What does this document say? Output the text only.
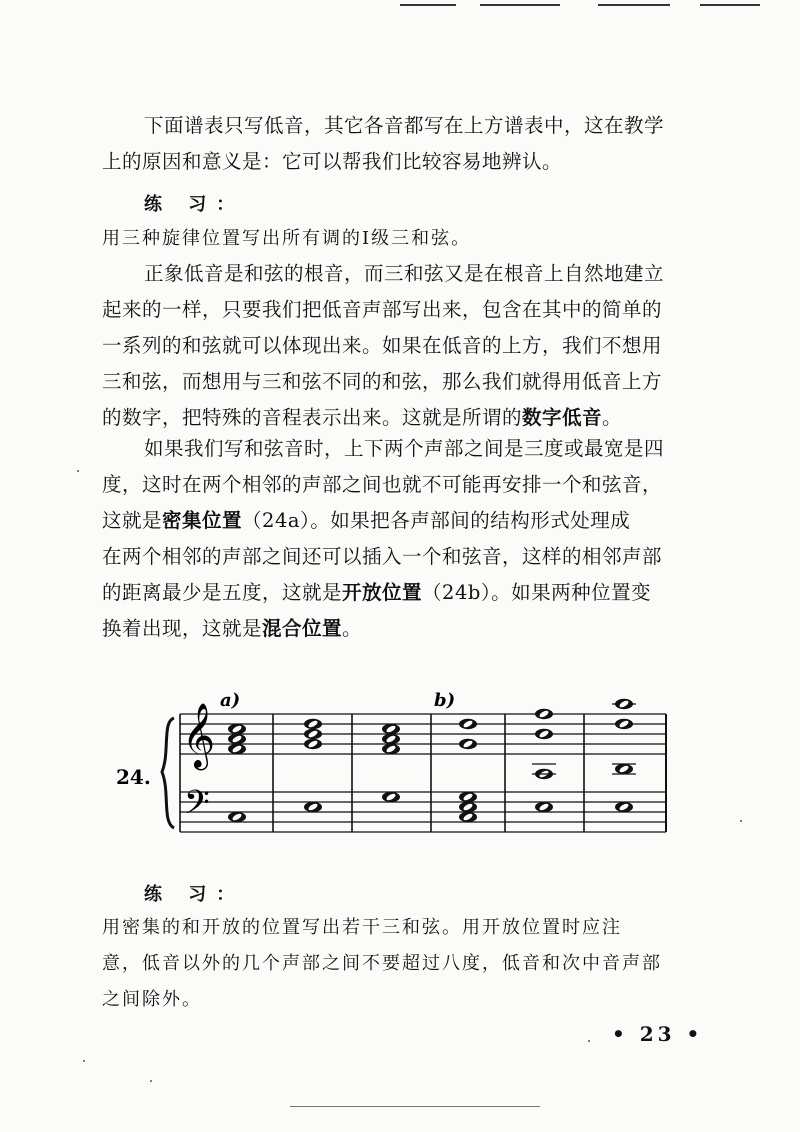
下面谱表只写低音，其它各音都写在上方谱表中，这在教学
上的原因和意义是：它可以帮我们比较容易地辨认。

练 习：

用三种旋律位置写出所有调的Ⅰ级三和弦。

正象低音是和弦的根音，而三和弦又是在根音上自然地建立
起来的一样，只要我们把低音声部写出来，包含在其中的简单的
一系列的和弦就可以体现出来。如果在低音的上方，我们不想用
三和弦，而想用与三和弦不同的和弦，那么我们就得用低音上方
的数字，把特殊的音程表示出来。这就是所谓的数字低音。

如果我们写和弦音时，上下两个声部之间是三度或最宽是四
度，这时在两个相邻的声部之间也就不可能再安排一个和弦音，
这就是密集位置（24a）。如果把各声部间的结构形式处理成
在两个相邻的声部之间还可以插入一个和弦音，这样的相邻声部
的距离最少是五度，这就是开放位置（24b）。如果两种位置变
换着出现，这就是混合位置。

24.
a)	b)
𝄞
𝄢

练 习：

用密集的和开放的位置写出若干三和弦。用开放位置时应注
意，低音以外的几个声部之间不要超过八度，低音和次中音声部
之间除外。

• 23 •
